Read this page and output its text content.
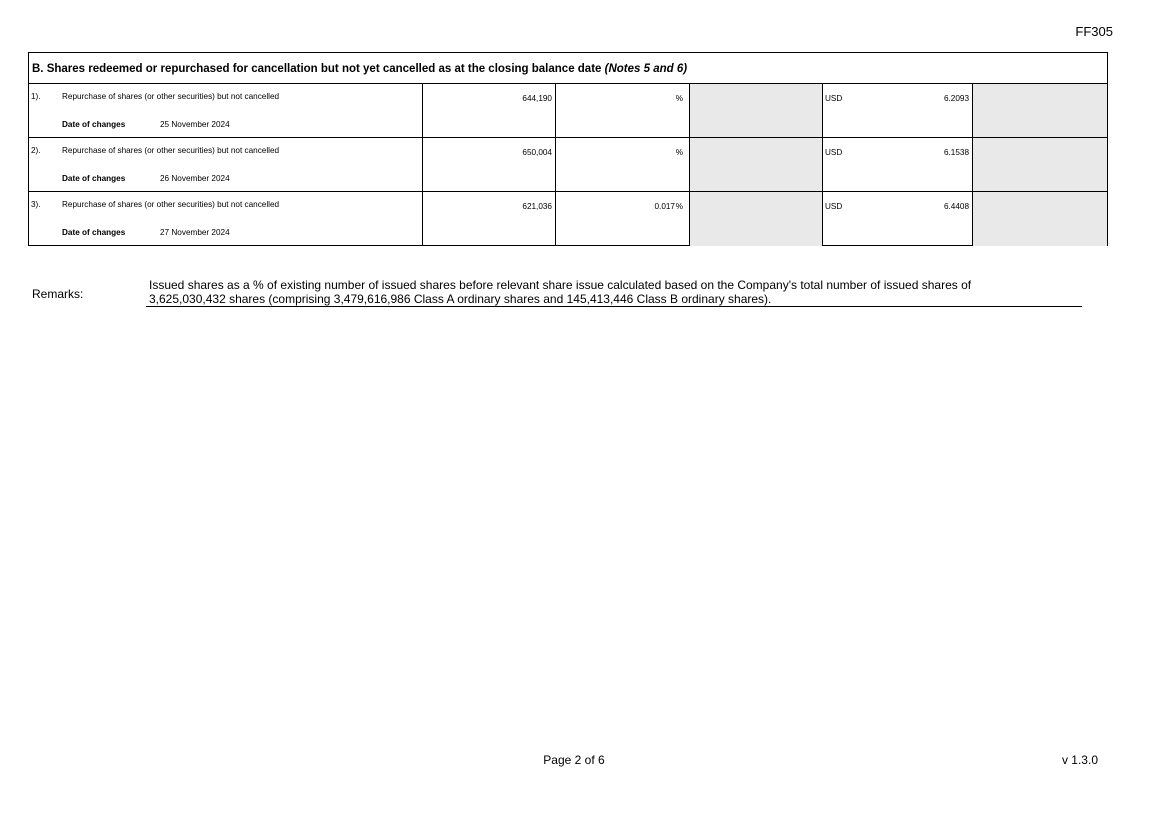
FF305
B. Shares redeemed or repurchased for cancellation but not yet cancelled as at the closing balance date (Notes 5 and 6)
1).	Repurchase of shares (or other securities) but not cancelled
Date of changes	25 November 2024
644,190	%	USD	6.2093
2).	Repurchase of shares (or other securities) but not cancelled
Date of changes	26 November 2024
650,004	%	USD	6.1538
3).	Repurchase of shares (or other securities) but not cancelled
Date of changes	27 November 2024
621,036	0.017 %	USD	6.4408
Remarks:
Issued shares as a % of existing number of issued shares before relevant share issue calculated based on the Company's total number of issued shares of
3,625,030,432 shares (comprising 3,479,616,986 Class A ordinary shares and 145,413,446 Class B ordinary shares).
Page 2 of 6	v 1.3.0
